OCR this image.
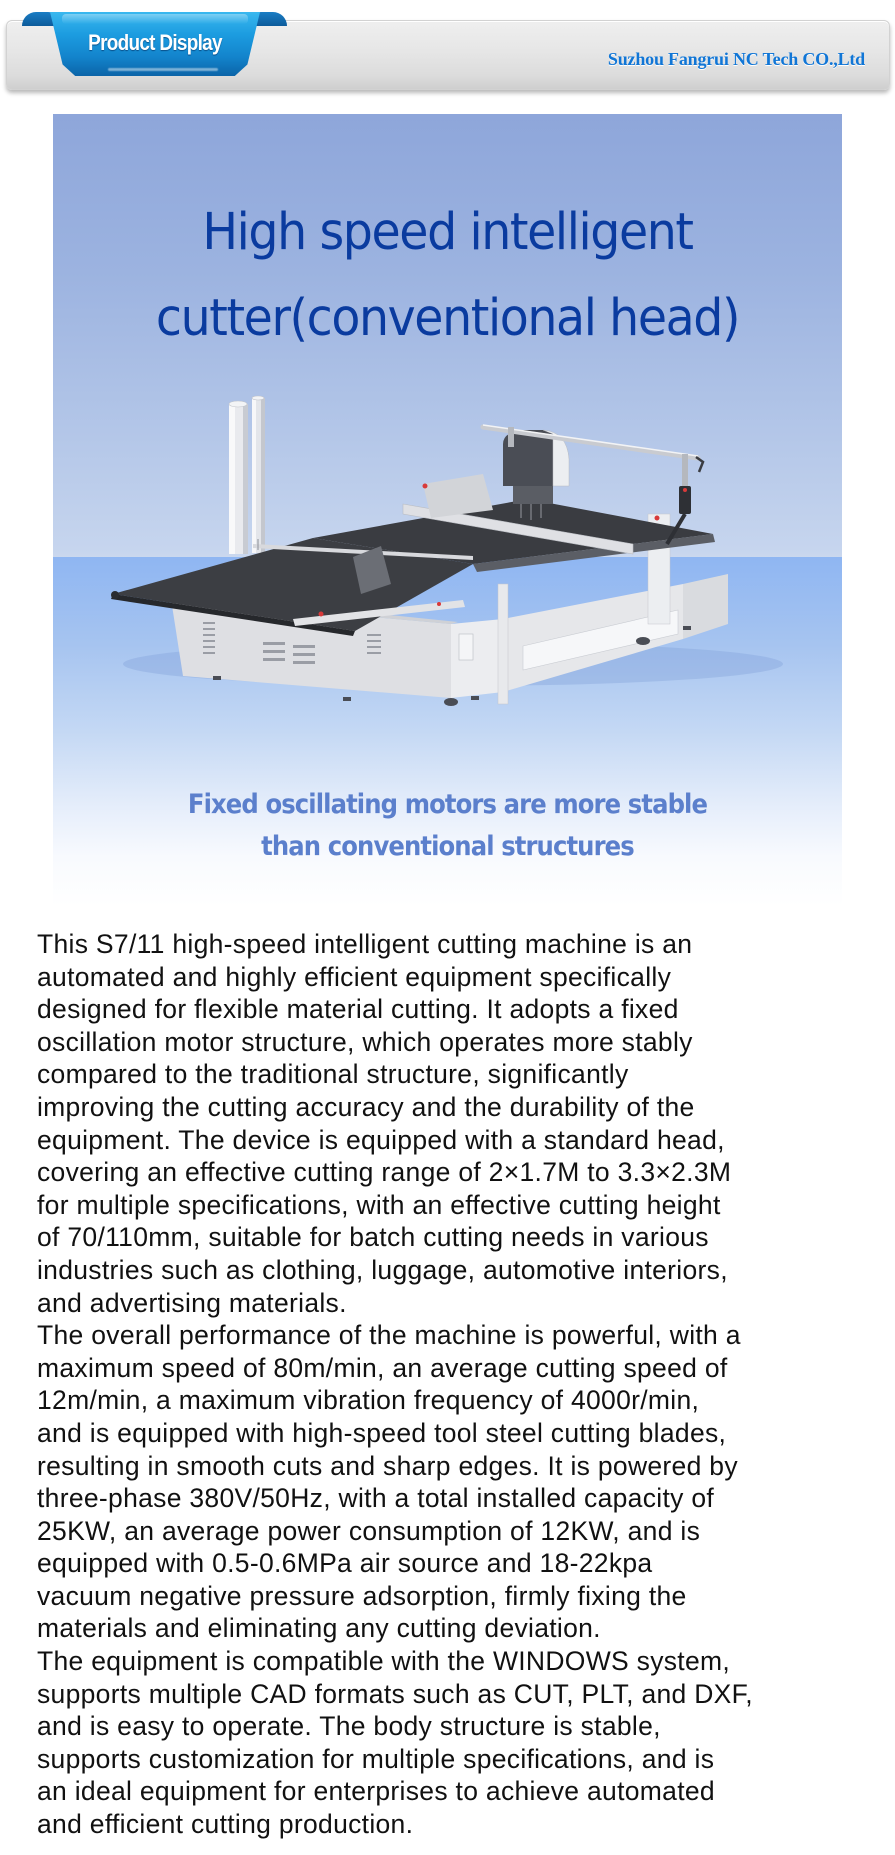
Product Display
Suzhou Fangrui NC Tech CO.,Ltd
High speed intelligent
cutter(conventional head)
Fixed oscillating motors are more stable
than conventional structures

This S7/11 high-speed intelligent cutting machine is an
automated and highly efficient equipment specifically
designed for flexible material cutting. It adopts a fixed
oscillation motor structure, which operates more stably
compared to the traditional structure, significantly
improving the cutting accuracy and the durability of the
equipment. The device is equipped with a standard head,
covering an effective cutting range of 2×1.7M to 3.3×2.3M
for multiple specifications, with an effective cutting height
of 70/110mm, suitable for batch cutting needs in various
industries such as clothing, luggage, automotive interiors,
and advertising materials.

The overall performance of the machine is powerful, with a
maximum speed of 80m/min, an average cutting speed of
12m/min, a maximum vibration frequency of 4000r/min,
and is equipped with high-speed tool steel cutting blades,
resulting in smooth cuts and sharp edges. It is powered by
three-phase 380V/50Hz, with a total installed capacity of
25KW, an average power consumption of 12KW, and is
equipped with 0.5-0.6MPa air source and 18-22kpa
vacuum negative pressure adsorption, firmly fixing the
materials and eliminating any cutting deviation.

The equipment is compatible with the WINDOWS system,
supports multiple CAD formats such as CUT, PLT, and DXF,
and is easy to operate. The body structure is stable,
supports customization for multiple specifications, and is
an ideal equipment for enterprises to achieve automated
and efficient cutting production.
